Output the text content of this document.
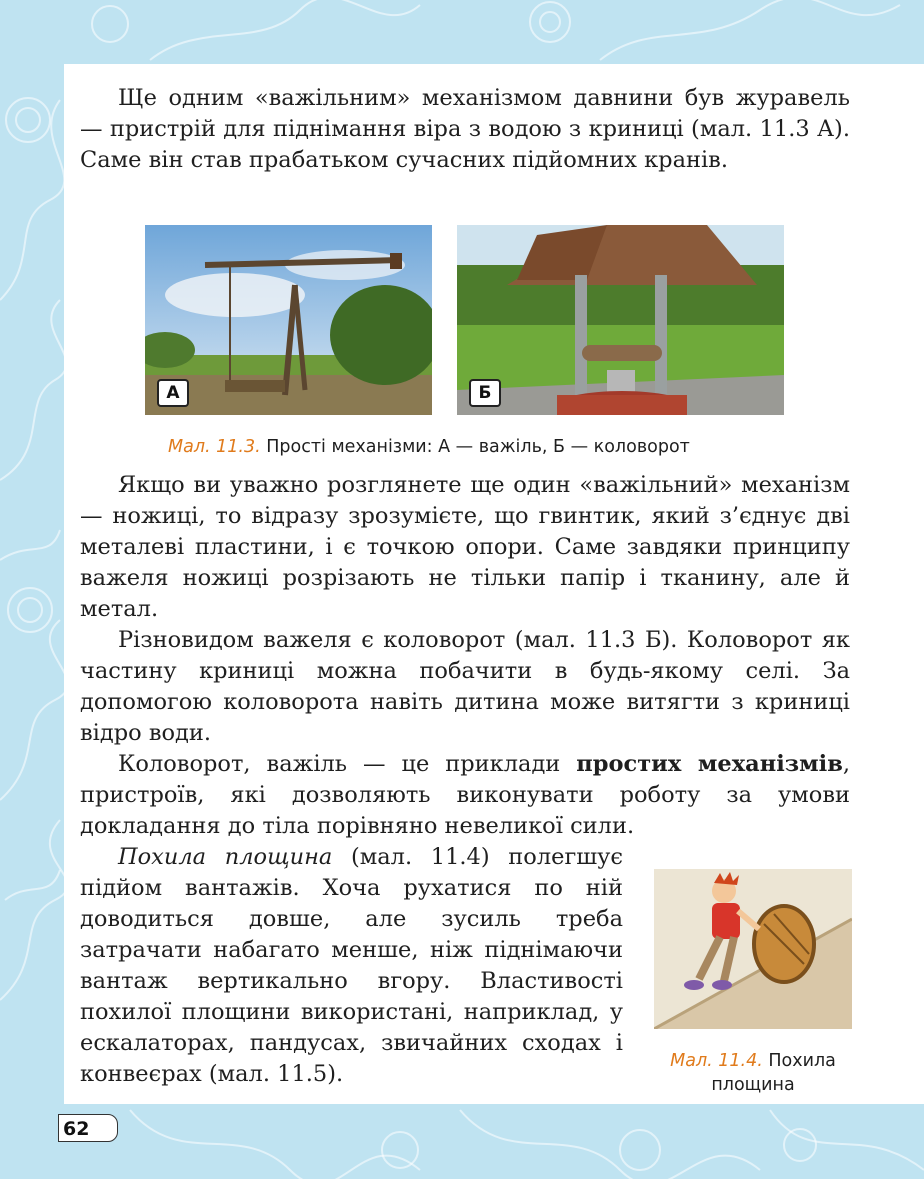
Ще одним «важільним» механізмом давнини був журавель — пристрій для піднімання віра з водою з криниці (мал. 11.3 А). Саме він став прабатьком сучасних підйомних кранів.

А	Б
Мал. 11.3. Прості механізми: А — важіль, Б — коловорот

Якщо ви уважно розглянете ще один «важільний» механізм — ножиці, то відразу зрозумієте, що гвинтик, який з’єднує дві металеві пластини, і є точкою опори. Саме завдяки принципу важеля ножиці розрізають не тільки папір і тканину, але й метал.

Різновидом важеля є коловорот (мал. 11.3 Б). Коловорот як частину криниці можна побачити в будь-якому селі. За допомогою коловорота навіть дитина може витягти з криниці відро води.

Коловорот, важіль — це приклади простих механізмів, пристроїв, які дозволяють виконувати роботу за умови докладання до тіла порівняно невеликої сили.

Похила площина (мал. 11.4) полегшує підйом вантажів. Хоча рухатися по ній доводиться довше, але зусиль треба затрачати набагато менше, ніж піднімаючи вантаж вертикально вгору. Властивості похилої площини використані, наприклад, у ескалаторах, пандусах, звичайних сходах і конвеєрах (мал. 11.5).	Мал. 11.4. Похила
площина
62
